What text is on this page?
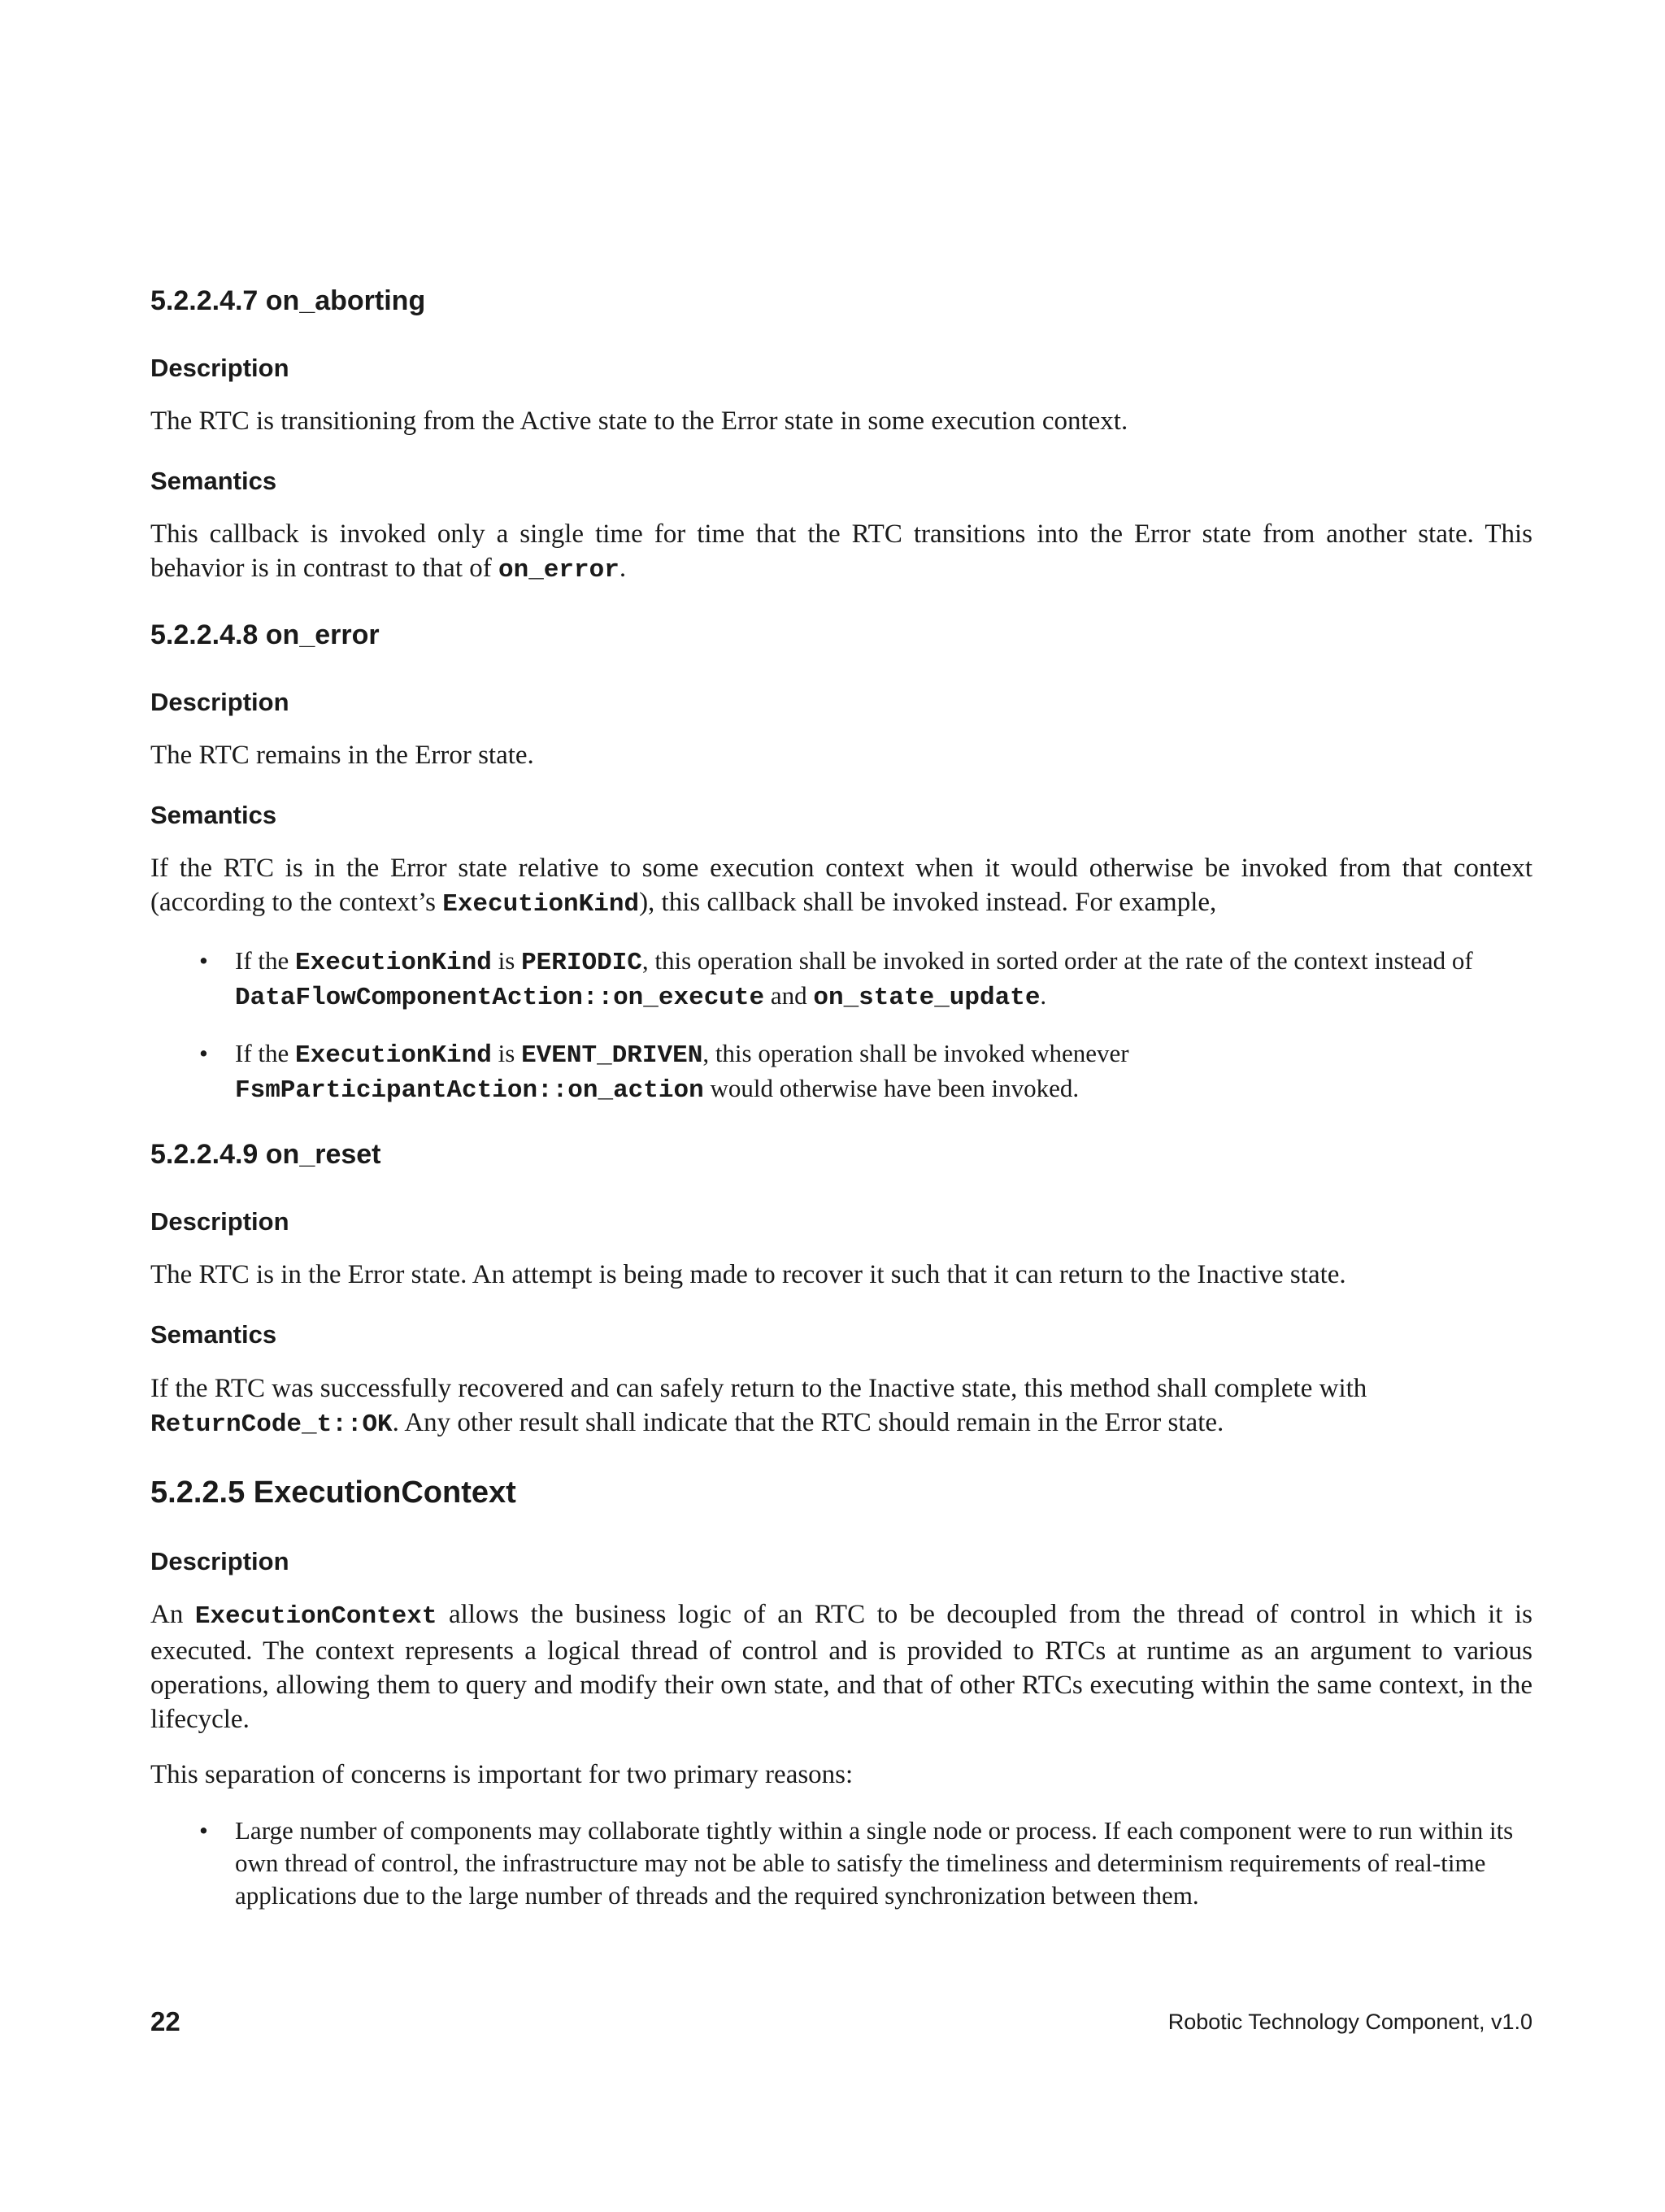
5.2.2.4.7 on_aborting

Description

The RTC is transitioning from the Active state to the Error state in some execution context.

Semantics

This callback is invoked only a single time for time that the RTC transitions into the Error state from another state. This behavior is in contrast to that of on_error.

5.2.2.4.8 on_error

Description

The RTC remains in the Error state.

Semantics

If the RTC is in the Error state relative to some execution context when it would otherwise be invoked from that context (according to the context’s ExecutionKind), this callback shall be invoked instead. For example,

• If the ExecutionKind is PERIODIC, this operation shall be invoked in sorted order at the rate of the context instead of DataFlowComponentAction::on_execute and on_state_update.
• If the ExecutionKind is EVENT_DRIVEN, this operation shall be invoked whenever
FsmParticipantAction::on_action would otherwise have been invoked.
5.2.2.4.9 on_reset

Description

The RTC is in the Error state. An attempt is being made to recover it such that it can return to the Inactive state.

Semantics

If the RTC was successfully recovered and can safely return to the Inactive state, this method shall complete with
ReturnCode_t::OK. Any other result shall indicate that the RTC should remain in the Error state.

5.2.2.5 ExecutionContext

Description

An ExecutionContext allows the business logic of an RTC to be decoupled from the thread of control in which it is executed. The context represents a logical thread of control and is provided to RTCs at runtime as an argument to various operations, allowing them to query and modify their own state, and that of other RTCs executing within the same context, in the lifecycle.

This separation of concerns is important for two primary reasons:

• Large number of components may collaborate tightly within a single node or process. If each component were to run within its own thread of control, the infrastructure may not be able to satisfy the timeliness and determinism requirements of real-time applications due to the large number of threads and the required synchronization between them.
22	Robotic Technology Component, v1.0
